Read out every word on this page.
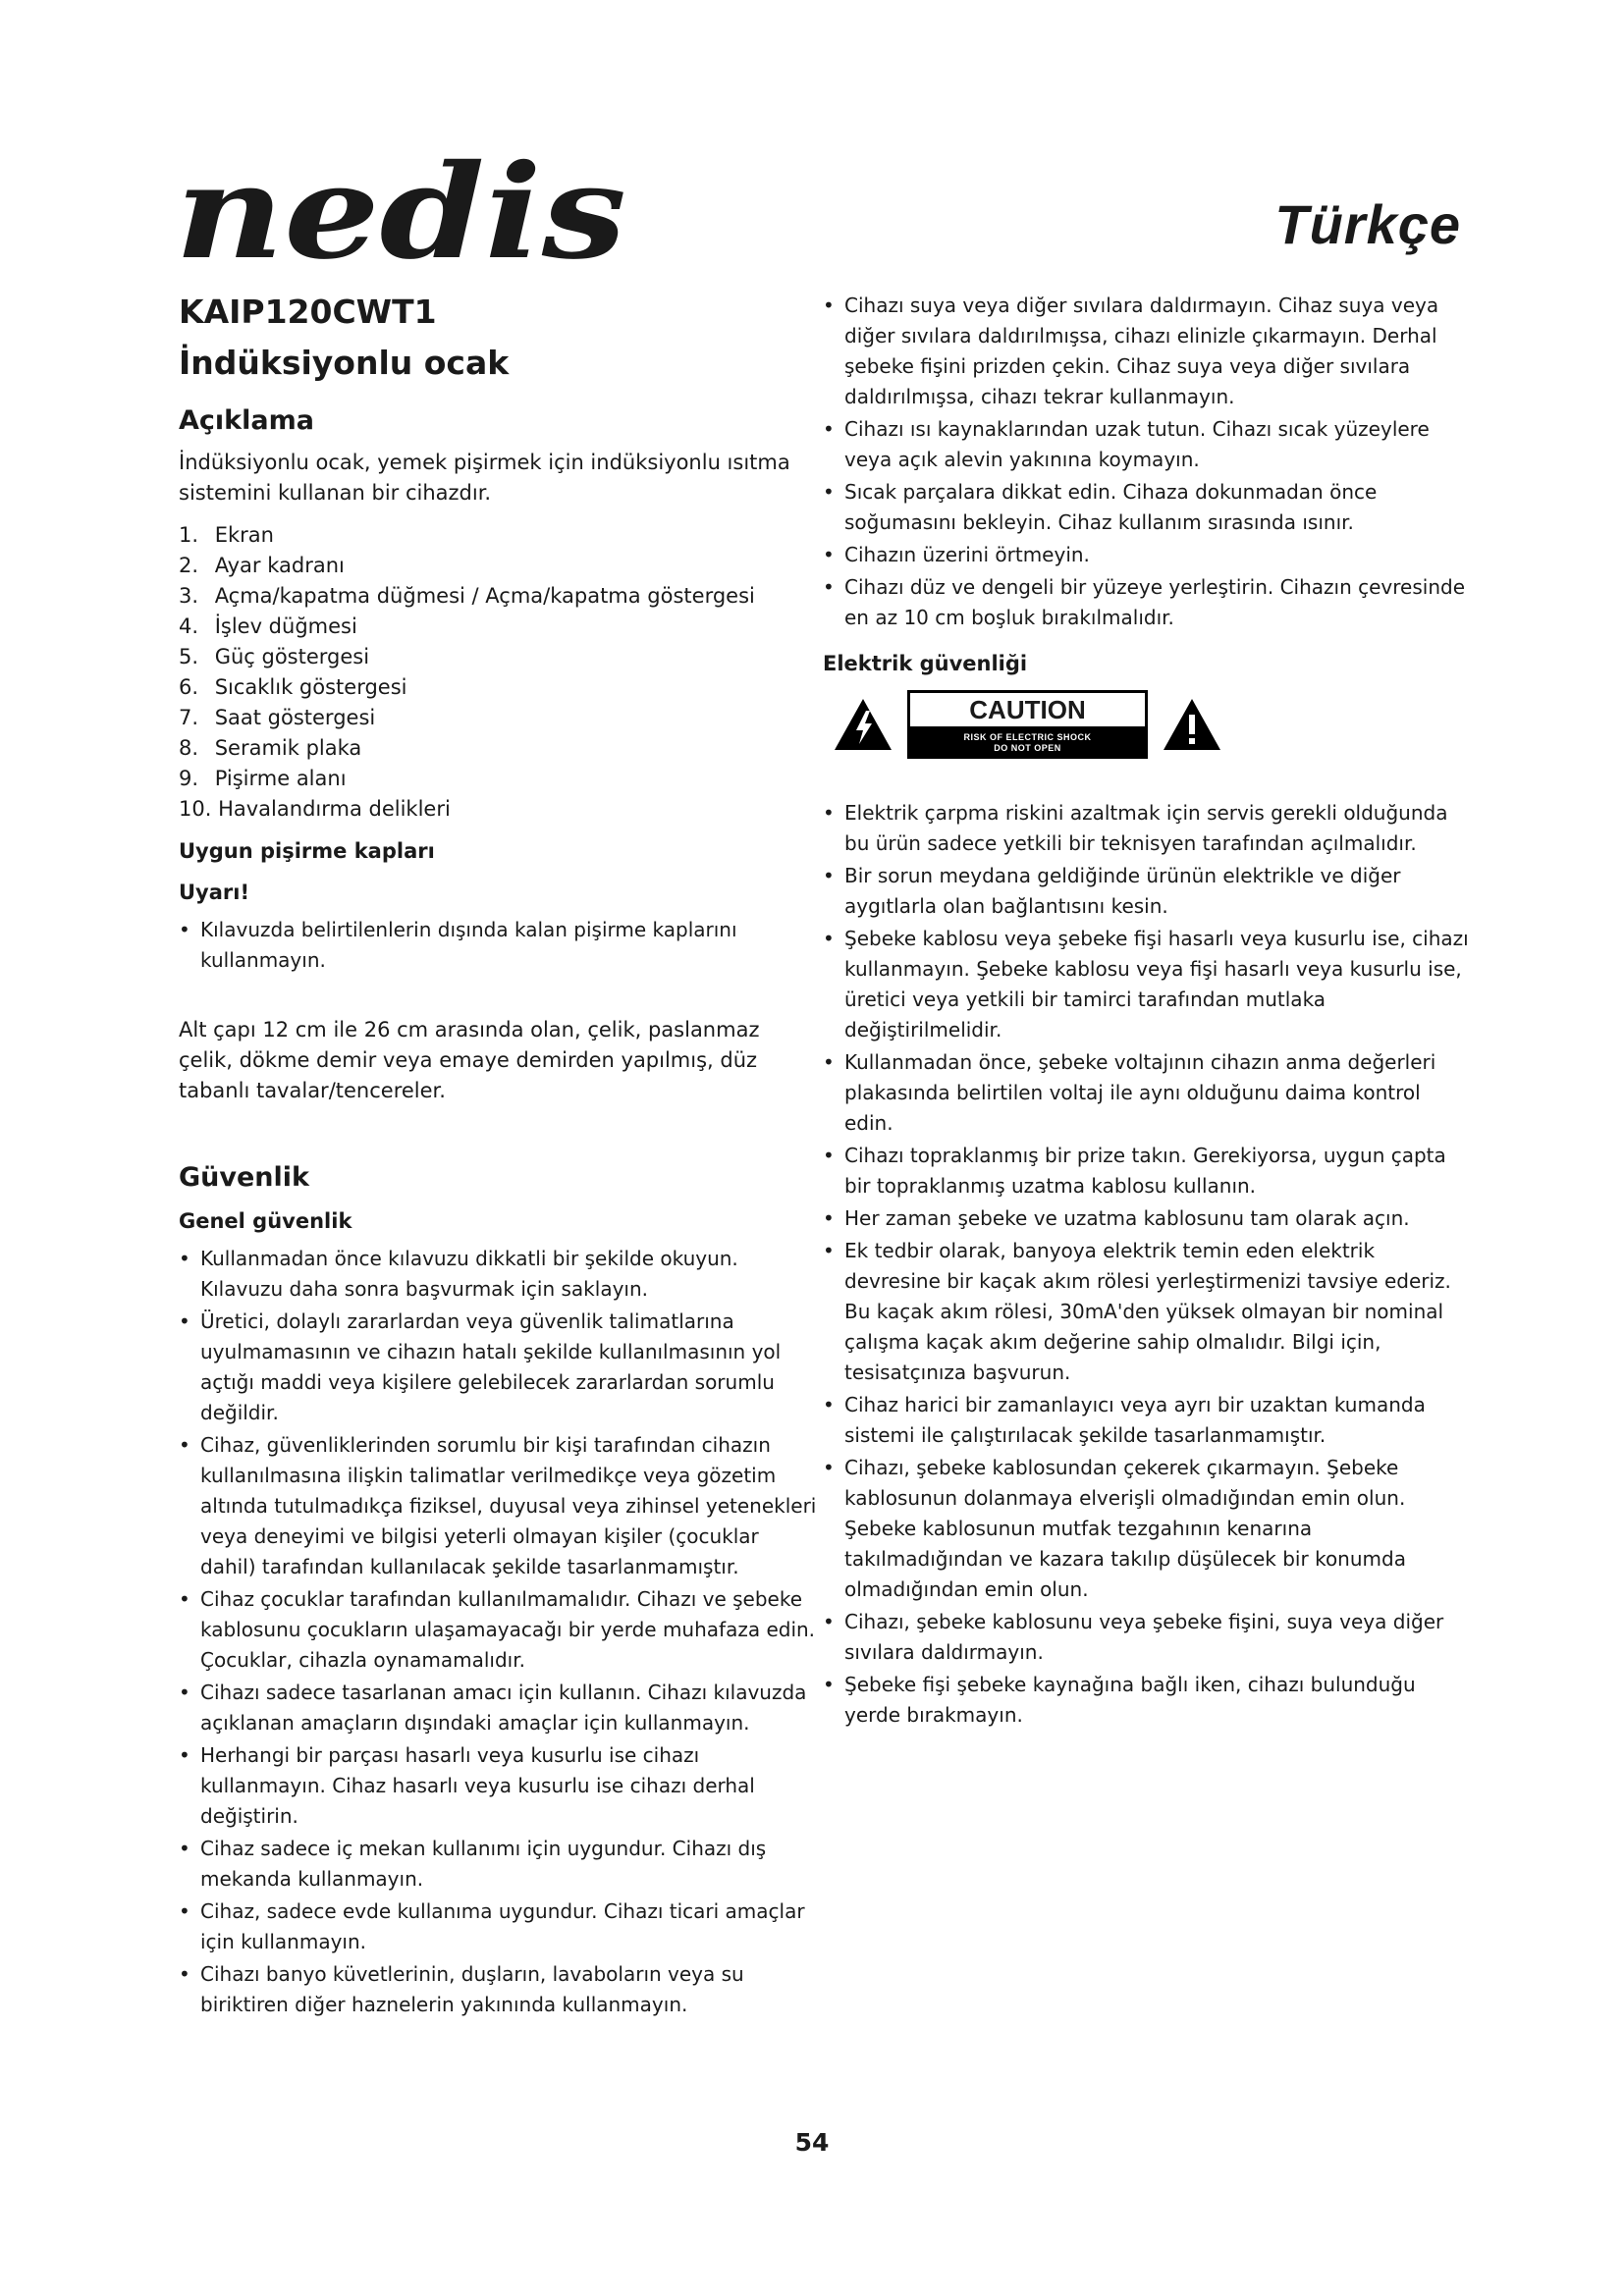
nedis	Türkçe
KAIP120CWT1
İndüksiyonlu ocak
Açıklama

İndüksiyonlu ocak, yemek pişirmek için indüksiyonlu ısıtma sistemini kullanan bir cihazdır.

1. Ekran
2. Ayar kadranı
3. Açma/kapatma düğmesi / Açma/kapatma göstergesi
4. İşlev düğmesi
5. Güç göstergesi
6. Sıcaklık göstergesi
7. Saat göstergesi
8. Seramik plaka
9. Pişirme alanı
10. Havalandırma delikleri
Uygun pişirme kapları
Uyarı!
• Kılavuzda belirtilenlerin dışında kalan pişirme kaplarını kullanmayın.

Alt çapı 12 cm ile 26 cm arasında olan, çelik, paslanmaz çelik, dökme demir veya emaye demirden yapılmış, düz tabanlı tavalar/tencereler.

Güvenlik
Genel güvenlik
• Kullanmadan önce kılavuzu dikkatli bir şekilde okuyun. Kılavuzu daha sonra başvurmak için saklayın.
• Üretici, dolaylı zararlardan veya güvenlik talimatlarına uyulmamasının ve cihazın hatalı şekilde kullanılmasının yol açtığı maddi veya kişilere gelebilecek zararlardan sorumlu değildir.
• Cihaz, güvenliklerinden sorumlu bir kişi tarafından cihazın kullanılmasına ilişkin talimatlar verilmedikçe veya gözetim altında tutulmadıkça fiziksel, duyusal veya zihinsel yetenekleri veya deneyimi ve bilgisi yeterli olmayan kişiler (çocuklar dahil) tarafından kullanılacak şekilde tasarlanmamıştır.
• Cihaz çocuklar tarafından kullanılmamalıdır. Cihazı ve şebeke kablosunu çocukların ulaşamayacağı bir yerde muhafaza edin. Çocuklar, cihazla oynamamalıdır.
• Cihazı sadece tasarlanan amacı için kullanın. Cihazı kılavuzda açıklanan amaçların dışındaki amaçlar için kullanmayın.
• Herhangi bir parçası hasarlı veya kusurlu ise cihazı kullanmayın. Cihaz hasarlı veya kusurlu ise cihazı derhal değiştirin.
• Cihaz sadece iç mekan kullanımı için uygundur. Cihazı dış mekanda kullanmayın.
• Cihaz, sadece evde kullanıma uygundur. Cihazı ticari amaçlar için kullanmayın.
• Cihazı banyo küvetlerinin, duşların, lavaboların veya su biriktiren diğer haznelerin yakınında kullanmayın.
• Cihazı suya veya diğer sıvılara daldırmayın. Cihaz suya veya diğer sıvılara daldırılmışsa, cihazı elinizle çıkarmayın. Derhal şebeke fişini prizden çekin. Cihaz suya veya diğer sıvılara daldırılmışsa, cihazı tekrar kullanmayın.
• Cihazı ısı kaynaklarından uzak tutun. Cihazı sıcak yüzeylere veya açık alevin yakınına koymayın.
• Sıcak parçalara dikkat edin. Cihaza dokunmadan önce soğumasını bekleyin. Cihaz kullanım sırasında ısınır.
• Cihazın üzerini örtmeyin.
• Cihazı düz ve dengeli bir yüzeye yerleştirin. Cihazın çevresinde en az 10 cm boşluk bırakılmalıdır.
Elektrik güvenliği
CAUTION
RISK OF ELECTRIC SHOCK
DO NOT OPEN
• Elektrik çarpma riskini azaltmak için servis gerekli olduğunda bu ürün sadece yetkili bir teknisyen tarafından açılmalıdır.
• Bir sorun meydana geldiğinde ürünün elektrikle ve diğer aygıtlarla olan bağlantısını kesin.
• Şebeke kablosu veya şebeke fişi hasarlı veya kusurlu ise, cihazı kullanmayın. Şebeke kablosu veya fişi hasarlı veya kusurlu ise, üretici veya yetkili bir tamirci tarafından mutlaka değiştirilmelidir.
• Kullanmadan önce, şebeke voltajının cihazın anma değerleri plakasında belirtilen voltaj ile aynı olduğunu daima kontrol edin.
• Cihazı topraklanmış bir prize takın. Gerekiyorsa, uygun çapta bir topraklanmış uzatma kablosu kullanın.
• Her zaman şebeke ve uzatma kablosunu tam olarak açın.
• Ek tedbir olarak, banyoya elektrik temin eden elektrik devresine bir kaçak akım rölesi yerleştirmenizi tavsiye ederiz. Bu kaçak akım rölesi, 30mA'den yüksek olmayan bir nominal çalışma kaçak akım değerine sahip olmalıdır. Bilgi için, tesisatçınıza başvurun.
• Cihaz harici bir zamanlayıcı veya ayrı bir uzaktan kumanda sistemi ile çalıştırılacak şekilde tasarlanmamıştır.
• Cihazı, şebeke kablosundan çekerek çıkarmayın. Şebeke kablosunun dolanmaya elverişli olmadığından emin olun. Şebeke kablosunun mutfak tezgahının kenarına takılmadığından ve kazara takılıp düşülecek bir konumda olmadığından emin olun.
• Cihazı, şebeke kablosunu veya şebeke fişini, suya veya diğer sıvılara daldırmayın.
• Şebeke fişi şebeke kaynağına bağlı iken, cihazı bulunduğu yerde bırakmayın.
54
